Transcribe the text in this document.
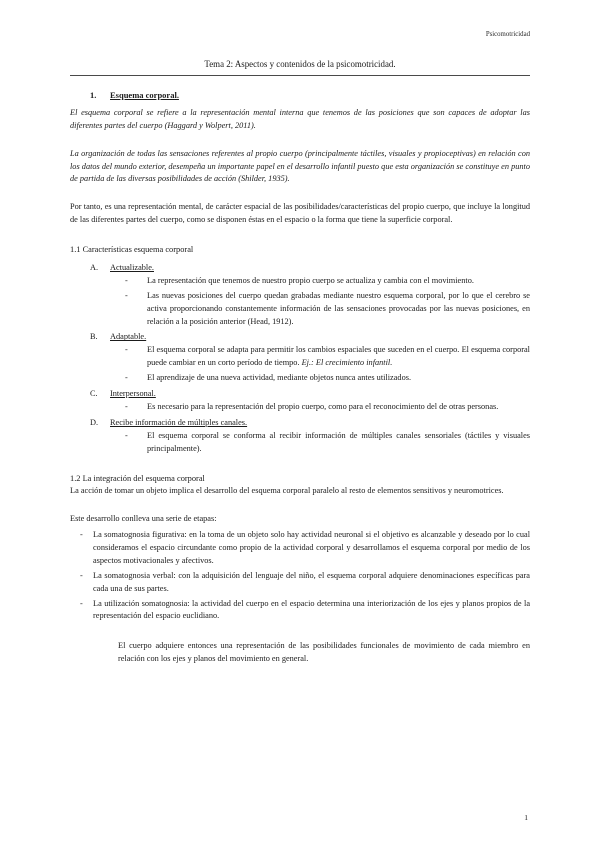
Psicomotricidad
Tema 2: Aspectos y contenidos de la psicomotricidad.
1.	Esquema corporal.

El esquema corporal se refiere a la representación mental interna que tenemos de las posiciones que son capaces de adoptar las diferentes partes del cuerpo (Haggard y Wolpert, 2011).

La organización de todas las sensaciones referentes al propio cuerpo (principalmente táctiles, visuales y propioceptivas) en relación con los datos del mundo exterior, desempeña un importante papel en el desarrollo infantil puesto que esta organización se constituye en punto de partida de las diversas posibilidades de acción (Shilder, 1935).

Por tanto, es una representación mental, de carácter espacial de las posibilidades/características del propio cuerpo, que incluye la longitud de las diferentes partes del cuerpo, como se disponen éstas en el espacio o la forma que tiene la superficie corporal.

1.1 Características esquema corporal

A.	Actualizable.
-	La representación que tenemos de nuestro propio cuerpo se actualiza y cambia con el movimiento.
-	Las nuevas posiciones del cuerpo quedan grabadas mediante nuestro esquema corporal, por lo que el cerebro se activa proporcionando constantemente información de las sensaciones provocadas por las nuevas posiciones, en relación a la posición anterior (Head, 1912).
B.	Adaptable.
-	El esquema corporal se adapta para permitir los cambios espaciales que suceden en el cuerpo. El esquema corporal puede cambiar en un corto período de tiempo. Ej.: El crecimiento infantil.
-	El aprendizaje de una nueva actividad, mediante objetos nunca antes utilizados.
C.	Interpersonal.
-	Es necesario para la representación del propio cuerpo, como para el reconocimiento del de otras personas.
D.	Recibe información de múltiples canales.
-	El esquema corporal se conforma al recibir información de múltiples canales sensoriales (táctiles y visuales principalmente).

1.2 La integración del esquema corporal

La acción de tomar un objeto implica el desarrollo del esquema corporal paralelo al resto de elementos sensitivos y neuromotrices.

Este desarrollo conlleva una serie de etapas:

-	La somatognosia figurativa: en la toma de un objeto solo hay actividad neuronal si el objetivo es alcanzable y deseado por lo cual consideramos el espacio circundante como propio de la actividad corporal y desarrollamos el esquema corporal por medio de los aspectos motivacionales y afectivos.
-	La somatognosia verbal: con la adquisición del lenguaje del niño, el esquema corporal adquiere denominaciones específicas para cada una de sus partes.
-	La utilización somatognosia: la actividad del cuerpo en el espacio determina una interiorización de los ejes y planos propios de la representación del espacio euclidiano.

El cuerpo adquiere entonces una representación de las posibilidades funcionales de movimiento de cada miembro en relación con los ejes y planos del movimiento en general.

1
